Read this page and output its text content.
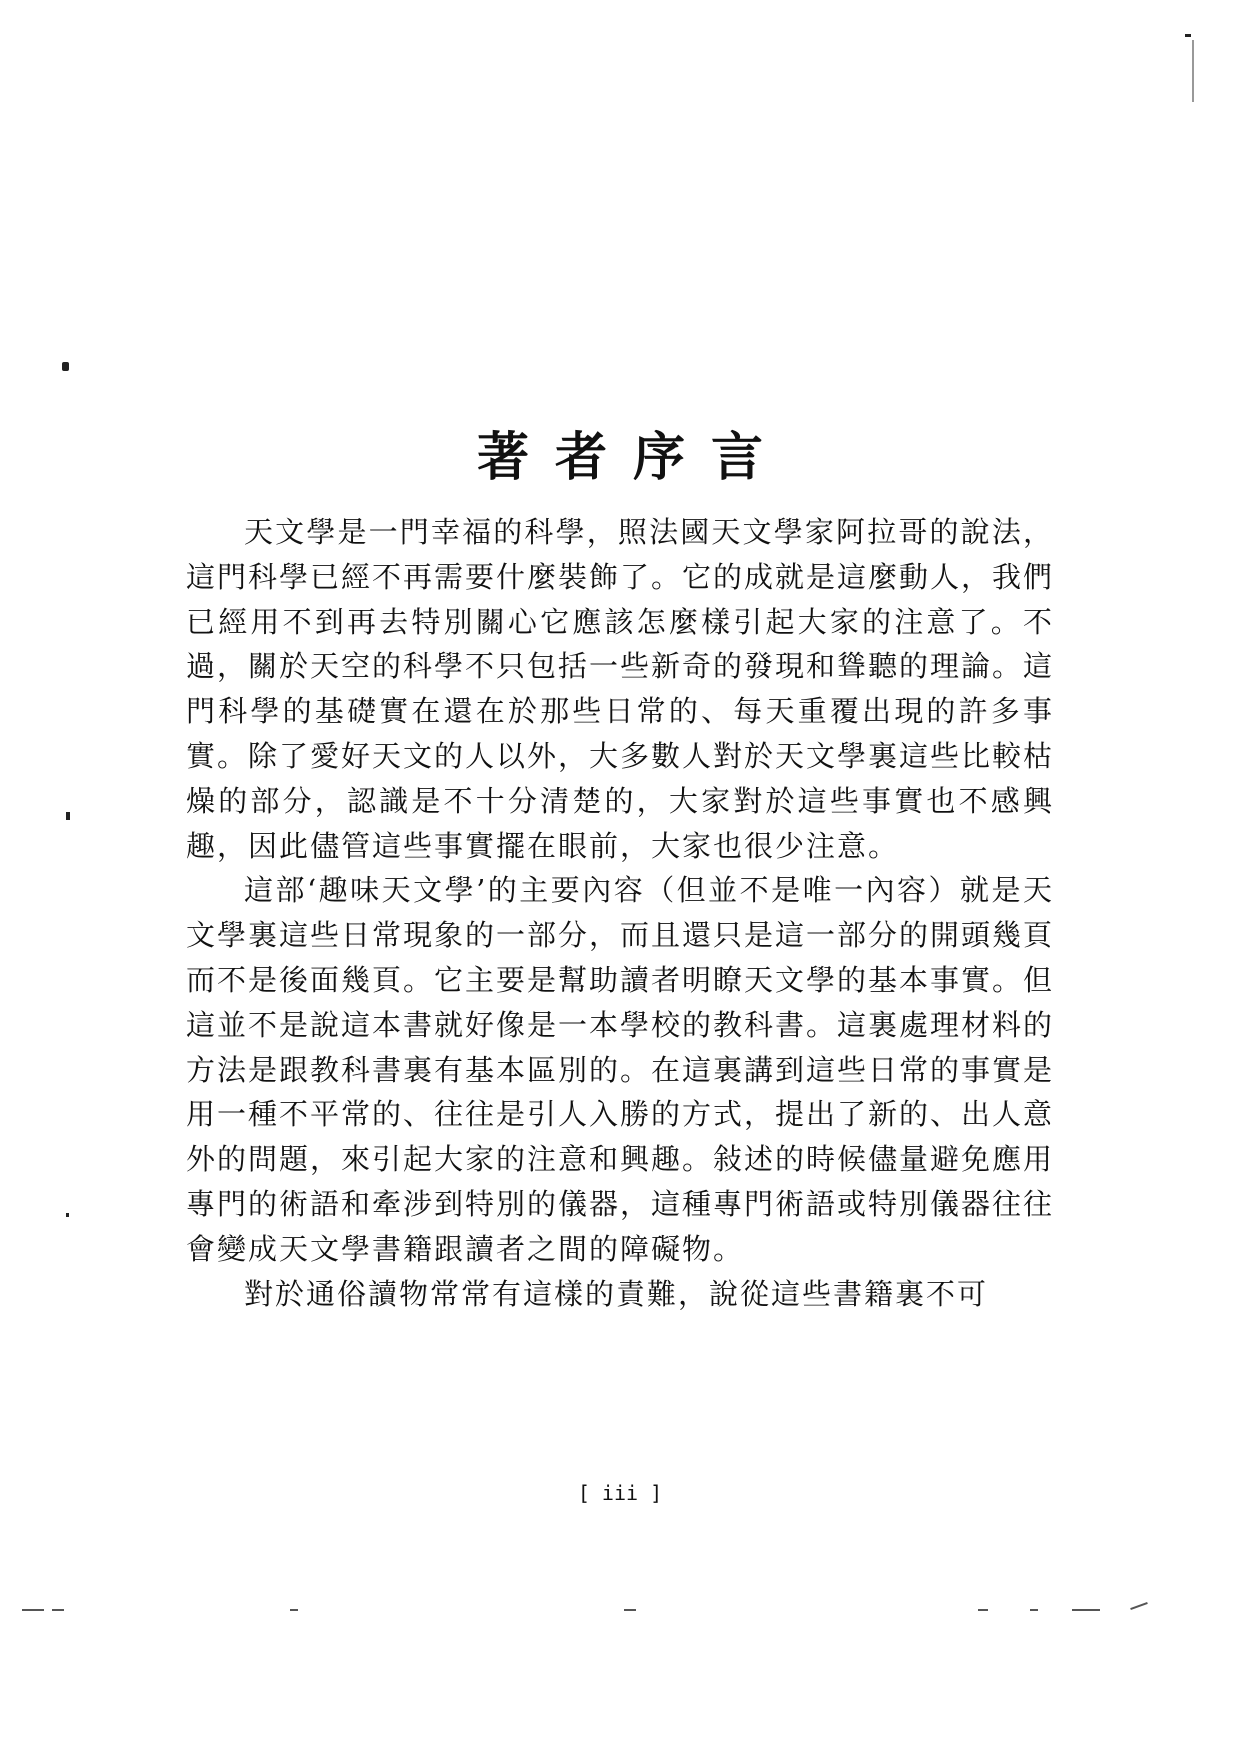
著者序言

天文學是一門幸福的科學，照法國天文學家阿拉哥的說法，這門科學已經不再需要什麼裝飾了。它的成就是這麼動人，我們已經用不到再去特別關心它應該怎麼樣引起大家的注意了。不過，關於天空的科學不只包括一些新奇的發現和聳聽的理論。這門科學的基礎實在還在於那些日常的、每天重覆出現的許多事實。除了愛好天文的人以外，大多數人對於天文學裏這些比較枯燥的部分，認識是不十分清楚的，大家對於這些事實也不感興趣，因此儘管這些事實擺在眼前，大家也很少注意。

這部‘趣味天文學’的主要內容（但並不是唯一內容）就是天文學裏這些日常現象的一部分，而且還只是這一部分的開頭幾頁而不是後面幾頁。它主要是幫助讀者明瞭天文學的基本事實。但這並不是說這本書就好像是一本學校的教科書。這裏處理材料的方法是跟教科書裏有基本區別的。在這裏講到這些日常的事實是用一種不平常的、往往是引人入勝的方式，提出了新的、出人意外的問題，來引起大家的注意和興趣。敍述的時候儘量避免應用專門的術語和牽涉到特別的儀器，這種專門術語或特別儀器往往會變成天文學書籍跟讀者之間的障礙物。

對於通俗讀物常常有這樣的責難，說從這些書籍裏不可

[ iii ]
